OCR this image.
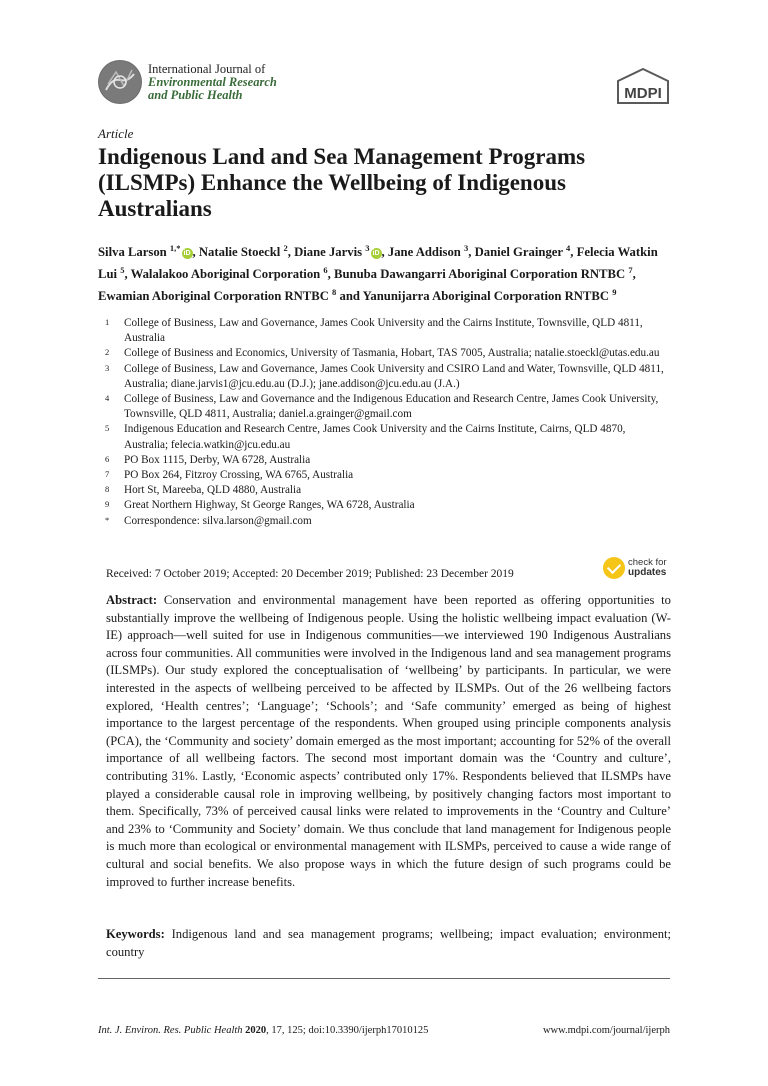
International Journal of
Environmental Research
and Public Health	MDPI
Article
Indigenous Land and Sea Management Programs (ILSMPs) Enhance the Wellbeing of Indigenous Australians
Silva Larson $^{1,*}$iD , Natalie Stoeckl $^2$, Diane Jarvis $^3$iD , Jane Addison $^3$, Daniel Grainger $^4$, Felecia Watkin Lui $^5$, Walalakoo Aboriginal Corporation $^6$, Bunuba Dawangarri Aboriginal Corporation RNTBC $^7$, Ewamian Aboriginal Corporation RNTBC $^8$ and Yanunijarra Aboriginal Corporation RNTBC $^9$
1	College of Business, Law and Governance, James Cook University and the Cairns Institute, Townsville, QLD 4811, Australia
2	College of Business and Economics, University of Tasmania, Hobart, TAS 7005, Australia; natalie.stoeckl@utas.edu.au
3	College of Business, Law and Governance, James Cook University and CSIRO Land and Water, Townsville, QLD 4811, Australia; diane.jarvis1@jcu.edu.au (D.J.); jane.addison@jcu.edu.au (J.A.)
4	College of Business, Law and Governance and the Indigenous Education and Research Centre, James Cook University, Townsville, QLD 4811, Australia; daniel.a.grainger@gmail.com
5	Indigenous Education and Research Centre, James Cook University and the Cairns Institute, Cairns, QLD 4870, Australia; felecia.watkin@jcu.edu.au
6	PO Box 1115, Derby, WA 6728, Australia
7	PO Box 264, Fitzroy Crossing, WA 6765, Australia
8	Hort St, Mareeba, QLD 4880, Australia
9	Great Northern Highway, St George Ranges, WA 6728, Australia
*	Correspondence: silva.larson@gmail.com
Received: 7 October 2019; Accepted: 20 December 2019; Published: 23 December 2019
check for
updates

Abstract: Conservation and environmental management have been reported as offering opportunities to substantially improve the wellbeing of Indigenous people. Using the holistic wellbeing impact evaluation (W-IE) approach—well suited for use in Indigenous communities—we interviewed 190 Indigenous Australians across four communities. All communities were involved in the Indigenous land and sea management programs (ILSMPs). Our study explored the conceptualisation of ‘wellbeing’ by participants. In particular, we were interested in the aspects of wellbeing perceived to be affected by ILSMPs. Out of the 26 wellbeing factors explored, ‘Health centres’; ‘Language’; ‘Schools’; and ‘Safe community’ emerged as being of highest importance to the largest percentage of the respondents. When grouped using principle components analysis (PCA), the ‘Community and society’ domain emerged as the most important; accounting for 52% of the overall importance of all wellbeing factors. The second most important domain was the ‘Country and culture’, contributing 31%. Lastly, ‘Economic aspects’ contributed only 17%. Respondents believed that ILSMPs have played a considerable causal role in improving wellbeing, by positively changing factors most important to them. Specifically, 73% of perceived causal links were related to improvements in the ‘Country and Culture’ and 23% to ‘Community and Society’ domain. We thus conclude that land management for Indigenous people is much more than ecological or environmental management with ILSMPs, perceived to cause a wide range of cultural and social benefits. We also propose ways in which the future design of such programs could be improved to further increase benefits.

Keywords: Indigenous land and sea management programs; wellbeing; impact evaluation; environment; country

Int. J. Environ. Res. Public Health 2020, 17, 125; doi:10.3390/ijerph17010125	www.mdpi.com/journal/ijerph
